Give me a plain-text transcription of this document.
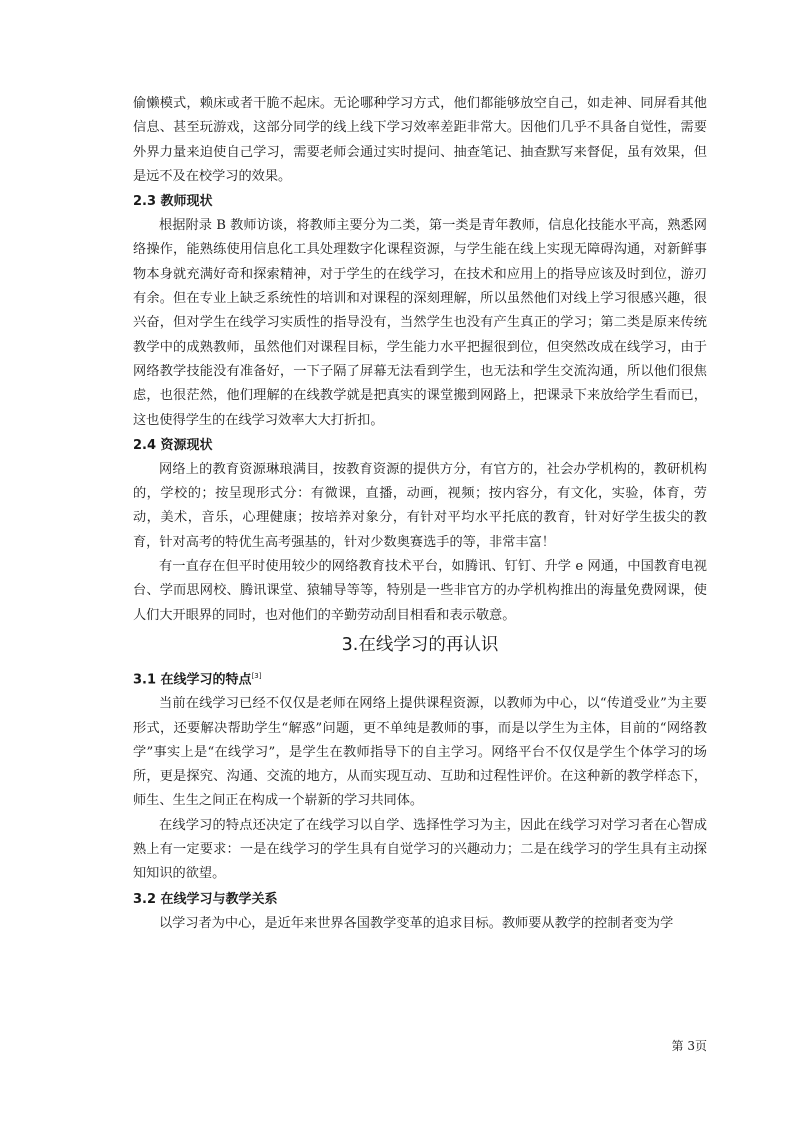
偷懒模式，赖床或者干脆不起床。无论哪种学习方式，他们都能够放空自己，如走神、同屏看其他信息、甚至玩游戏，这部分同学的线上线下学习效率差距非常大。因他们几乎不具备自觉性，需要外界力量来迫使自己学习，需要老师会通过实时提问、抽查笔记、抽查默写来督促，虽有效果，但是远不及在校学习的效果。

2.3 教师现状

根据附录 B 教师访谈，将教师主要分为二类，第一类是青年教师，信息化技能水平高，熟悉网络操作，能熟练使用信息化工具处理数字化课程资源，与学生能在线上实现无障碍沟通，对新鲜事物本身就充满好奇和探索精神，对于学生的在线学习，在技术和应用上的指导应该及时到位，游刃有余。但在专业上缺乏系统性的培训和对课程的深刻理解，所以虽然他们对线上学习很感兴趣，很兴奋，但对学生在线学习实质性的指导没有，当然学生也没有产生真正的学习；第二类是原来传统教学中的成熟教师，虽然他们对课程目标，学生能力水平把握很到位，但突然改成在线学习，由于网络教学技能没有准备好，一下子隔了屏幕无法看到学生，也无法和学生交流沟通，所以他们很焦虑，也很茫然，他们理解的在线教学就是把真实的课堂搬到网路上，把课录下来放给学生看而已，这也使得学生的在线学习效率大大打折扣。

2.4 资源现状

网络上的教育资源琳琅满目，按教育资源的提供方分，有官方的，社会办学机构的，教研机构的，学校的；按呈现形式分：有微课，直播，动画，视频；按内容分，有文化，实验，体育，劳动，美术，音乐，心理健康；按培养对象分，有针对平均水平托底的教育，针对好学生拔尖的教育，针对高考的特优生高考强基的，针对少数奥赛选手的等，非常丰富！

有一直存在但平时使用较少的网络教育技术平台，如腾讯、钉钉、升学 e 网通，中国教育电视台、学而思网校、腾讯课堂、猿辅导等等，特别是一些非官方的办学机构推出的海量免费网课，使人们大开眼界的同时，也对他们的辛勤劳动刮目相看和表示敬意。

3.在线学习的再认识
3.1 在线学习的特点[3]

当前在线学习已经不仅仅是老师在网络上提供课程资源，以教师为中心，以“传道受业”为主要形式，还要解决帮助学生“解惑”问题，更不单纯是教师的事，而是以学生为主体，目前的“网络教学”事实上是“在线学习”，是学生在教师指导下的自主学习。网络平台不仅仅是学生个体学习的场所，更是探究、沟通、交流的地方，从而实现互动、互助和过程性评价。在这种新的教学样态下，师生、生生之间正在构成一个崭新的学习共同体。

在线学习的特点还决定了在线学习以自学、选择性学习为主，因此在线学习对学习者在心智成熟上有一定要求：一是在线学习的学生具有自觉学习的兴趣动力；二是在线学习的学生具有主动探知知识的欲望。

3.2 在线学习与教学关系

以学习者为中心，是近年来世界各国教学变革的追求目标。教师要从教学的控制者变为学

第 3页
